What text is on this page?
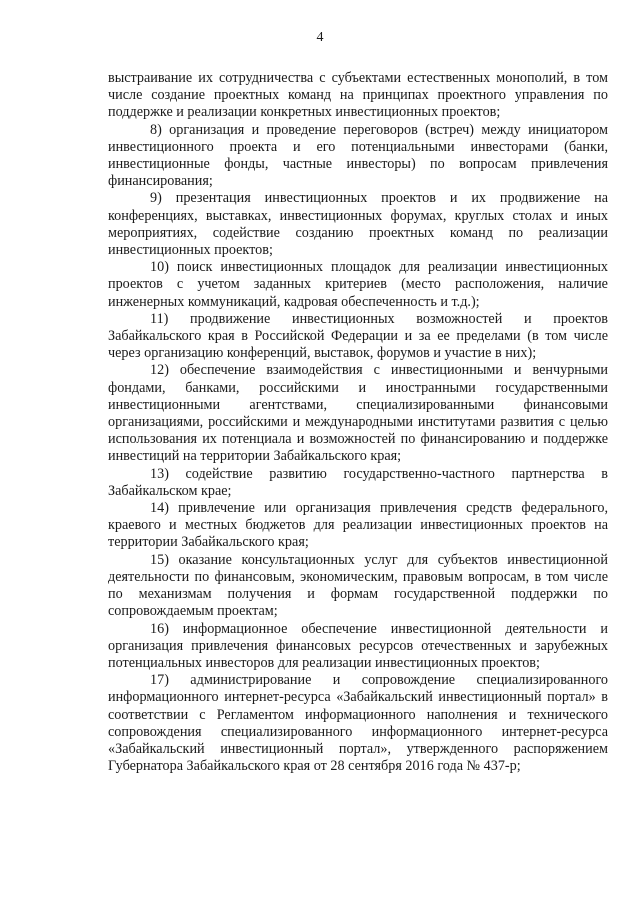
4

выстраивание их сотрудничества с субъектами естественных монополий, в том числе создание проектных команд на принципах проектного управления по поддержке и реализации конкретных инвестиционных проектов;

8) организация и проведение переговоров (встреч) между инициатором инвестиционного проекта и его потенциальными инвесторами (банки, инвестиционные фонды, частные инвесторы) по вопросам привлечения финансирования;

9) презентация инвестиционных проектов и их продвижение на конференциях, выставках, инвестиционных форумах, круглых столах и иных мероприятиях, содействие созданию проектных команд по реализации инвестиционных проектов;

10) поиск инвестиционных площадок для реализации инвестиционных проектов с учетом заданных критериев (место расположения, наличие инженерных коммуникаций, кадровая обеспеченность и т.д.);

11) продвижение инвестиционных возможностей и проектов Забайкальского края в Российской Федерации и за ее пределами (в том числе через организацию конференций, выставок, форумов и участие в них);

12) обеспечение взаимодействия с инвестиционными и венчурными фондами, банками, российскими и иностранными государственными инвестиционными агентствами, специализированными финансовыми организациями, российскими и международными институтами развития с целью использования их потенциала и возможностей по финансированию и поддержке инвестиций на территории Забайкальского края;

13) содействие развитию государственно-частного партнерства в Забайкальском крае;

14) привлечение или организация привлечения средств федерального, краевого и местных бюджетов для реализации инвестиционных проектов на территории Забайкальского края;

15) оказание консультационных услуг для субъектов инвестиционной деятельности по финансовым, экономическим, правовым вопросам, в том числе по механизмам получения и формам государственной поддержки по сопровождаемым проектам;

16) информационное обеспечение инвестиционной деятельности и организация привлечения финансовых ресурсов отечественных и зарубежных потенциальных инвесторов для реализации инвестиционных проектов;

17) администрирование и сопровождение специализированного информационного интернет-ресурса «Забайкальский инвестиционный портал» в соответствии с Регламентом информационного наполнения и технического сопровождения специализированного информационного интернет-ресурса «Забайкальский инвестиционный портал», утвержденного распоряжением Губернатора Забайкальского края от 28 сентября 2016 года № 437-р;
